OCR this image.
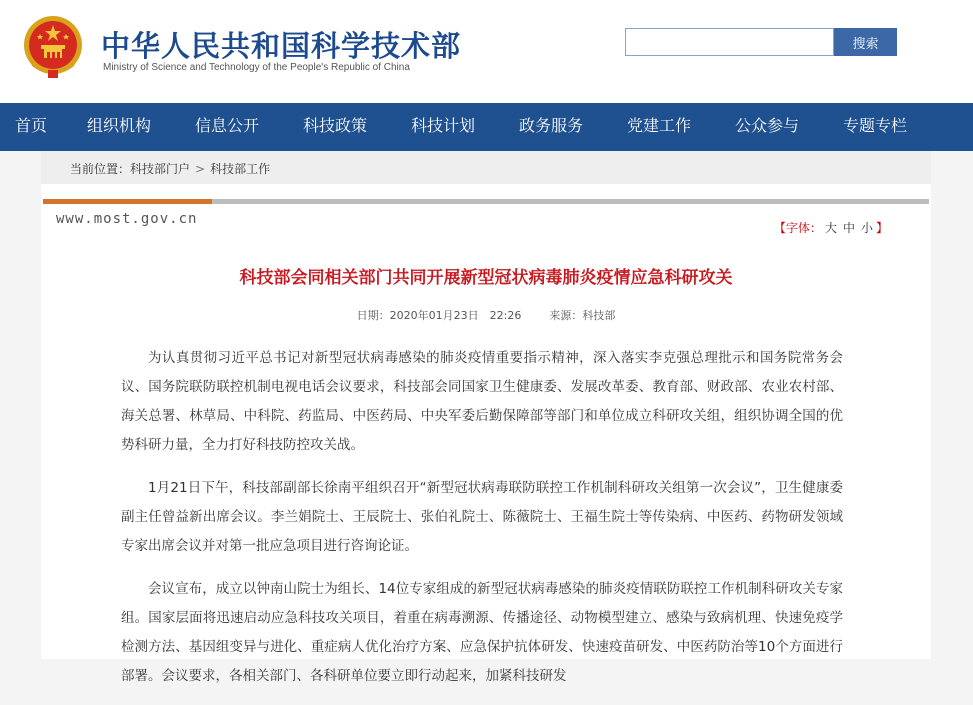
中华人民共和国科学技术部
Ministry of Science and Technology of the People's Republic of China
搜索
首页 组织机构	信息公开	科技政策	科技计划	政务服务	党建工作	公众参与	专题专栏
当前位置：科技部门户 > 科技部工作
www.most.gov.cn
【字体： 大 中 小 】
科技部会同相关部门共同开展新型冠状病毒肺炎疫情应急科研攻关
日期：2020年01月23日　22:26	来源：科技部

为认真贯彻习近平总书记对新型冠状病毒感染的肺炎疫情重要指示精神，深入落实李克强总理批示和国务院常务会议、国务院联防联控机制电视电话会议要求，科技部会同国家卫生健康委、发展改革委、教育部、财政部、农业农村部、海关总署、林草局、中科院、药监局、中医药局、中央军委后勤保障部等部门和单位成立科研攻关组，组织协调全国的优势科研力量，全力打好科技防控攻关战。

1月21日下午，科技部副部长徐南平组织召开“新型冠状病毒联防联控工作机制科研攻关组第一次会议”，卫生健康委副主任曾益新出席会议。李兰娟院士、王辰院士、张伯礼院士、陈薇院士、王福生院士等传染病、中医药、药物研发领域专家出席会议并对第一批应急项目进行咨询论证。

会议宣布，成立以钟南山院士为组长、14位专家组成的新型冠状病毒感染的肺炎疫情联防联控工作机制科研攻关专家组。国家层面将迅速启动应急科技攻关项目，着重在病毒溯源、传播途径、动物模型建立、感染与致病机理、快速免疫学检测方法、基因组变异与进化、重症病人优化治疗方案、应急保护抗体研发、快速疫苗研发、中医药防治等10个方面进行部署。会议要求，各相关部门、各科研单位要立即行动起来，加紧科技研发
